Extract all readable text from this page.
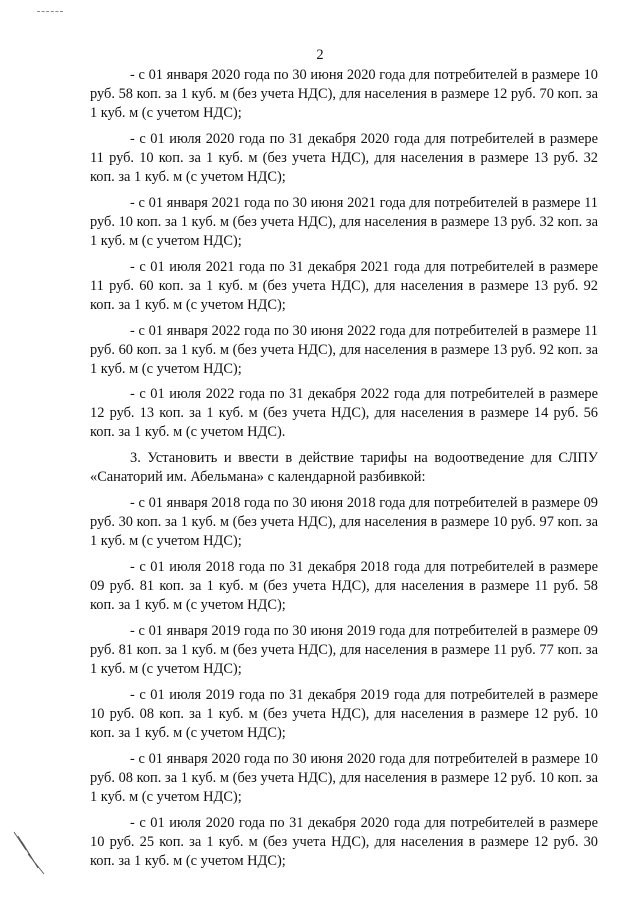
2

- с 01 января 2020 года по 30 июня 2020 года для потребителей в размере 10 руб. 58 коп. за 1 куб. м (без учета НДС), для населения в размере 12 руб. 70 коп. за 1 куб. м (с учетом НДС);

- с 01 июля 2020 года по 31 декабря 2020 года для потребителей в размере 11 руб. 10 коп. за 1 куб. м (без учета НДС), для населения в размере 13 руб. 32 коп. за 1 куб. м (с учетом НДС);

- с 01 января 2021 года по 30 июня 2021 года для потребителей в размере 11 руб. 10 коп. за 1 куб. м (без учета НДС), для населения в размере 13 руб. 32 коп. за 1 куб. м (с учетом НДС);

- с 01 июля 2021 года по 31 декабря 2021 года для потребителей в размере 11 руб. 60 коп. за 1 куб. м (без учета НДС), для населения в размере 13 руб. 92 коп. за 1 куб. м (с учетом НДС);

- с 01 января 2022 года по 30 июня 2022 года для потребителей в размере 11 руб. 60 коп. за 1 куб. м (без учета НДС), для населения в размере 13 руб. 92 коп. за 1 куб. м (с учетом НДС);

- с 01 июля 2022 года по 31 декабря 2022 года для потребителей в размере 12 руб. 13 коп. за 1 куб. м (без учета НДС), для населения в размере 14 руб. 56 коп. за 1 куб. м (с учетом НДС).

3. Установить и ввести в действие тарифы на водоотведение для СЛПУ «Санаторий им. Абельмана» с календарной разбивкой:

- с 01 января 2018 года по 30 июня 2018 года для потребителей в размере 09 руб. 30 коп. за 1 куб. м (без учета НДС), для населения в размере 10 руб. 97 коп. за 1 куб. м (с учетом НДС);

- с 01 июля 2018 года по 31 декабря 2018 года для потребителей в размере 09 руб. 81 коп. за 1 куб. м (без учета НДС), для населения в размере 11 руб. 58 коп. за 1 куб. м (с учетом НДС);

- с 01 января 2019 года по 30 июня 2019 года для потребителей в размере 09 руб. 81 коп. за 1 куб. м (без учета НДС), для населения в размере 11 руб. 77 коп. за 1 куб. м (с учетом НДС);

- с 01 июля 2019 года по 31 декабря 2019 года для потребителей в размере 10 руб. 08 коп. за 1 куб. м (без учета НДС), для населения в размере 12 руб. 10 коп. за 1 куб. м (с учетом НДС);

- с 01 января 2020 года по 30 июня 2020 года для потребителей в размере 10 руб. 08 коп. за 1 куб. м (без учета НДС), для населения в размере 12 руб. 10 коп. за 1 куб. м (с учетом НДС);

- с 01 июля 2020 года по 31 декабря 2020 года для потребителей в размере 10 руб. 25 коп. за 1 куб. м (без учета НДС), для населения в размере 12 руб. 30 коп. за 1 куб. м (с учетом НДС);
